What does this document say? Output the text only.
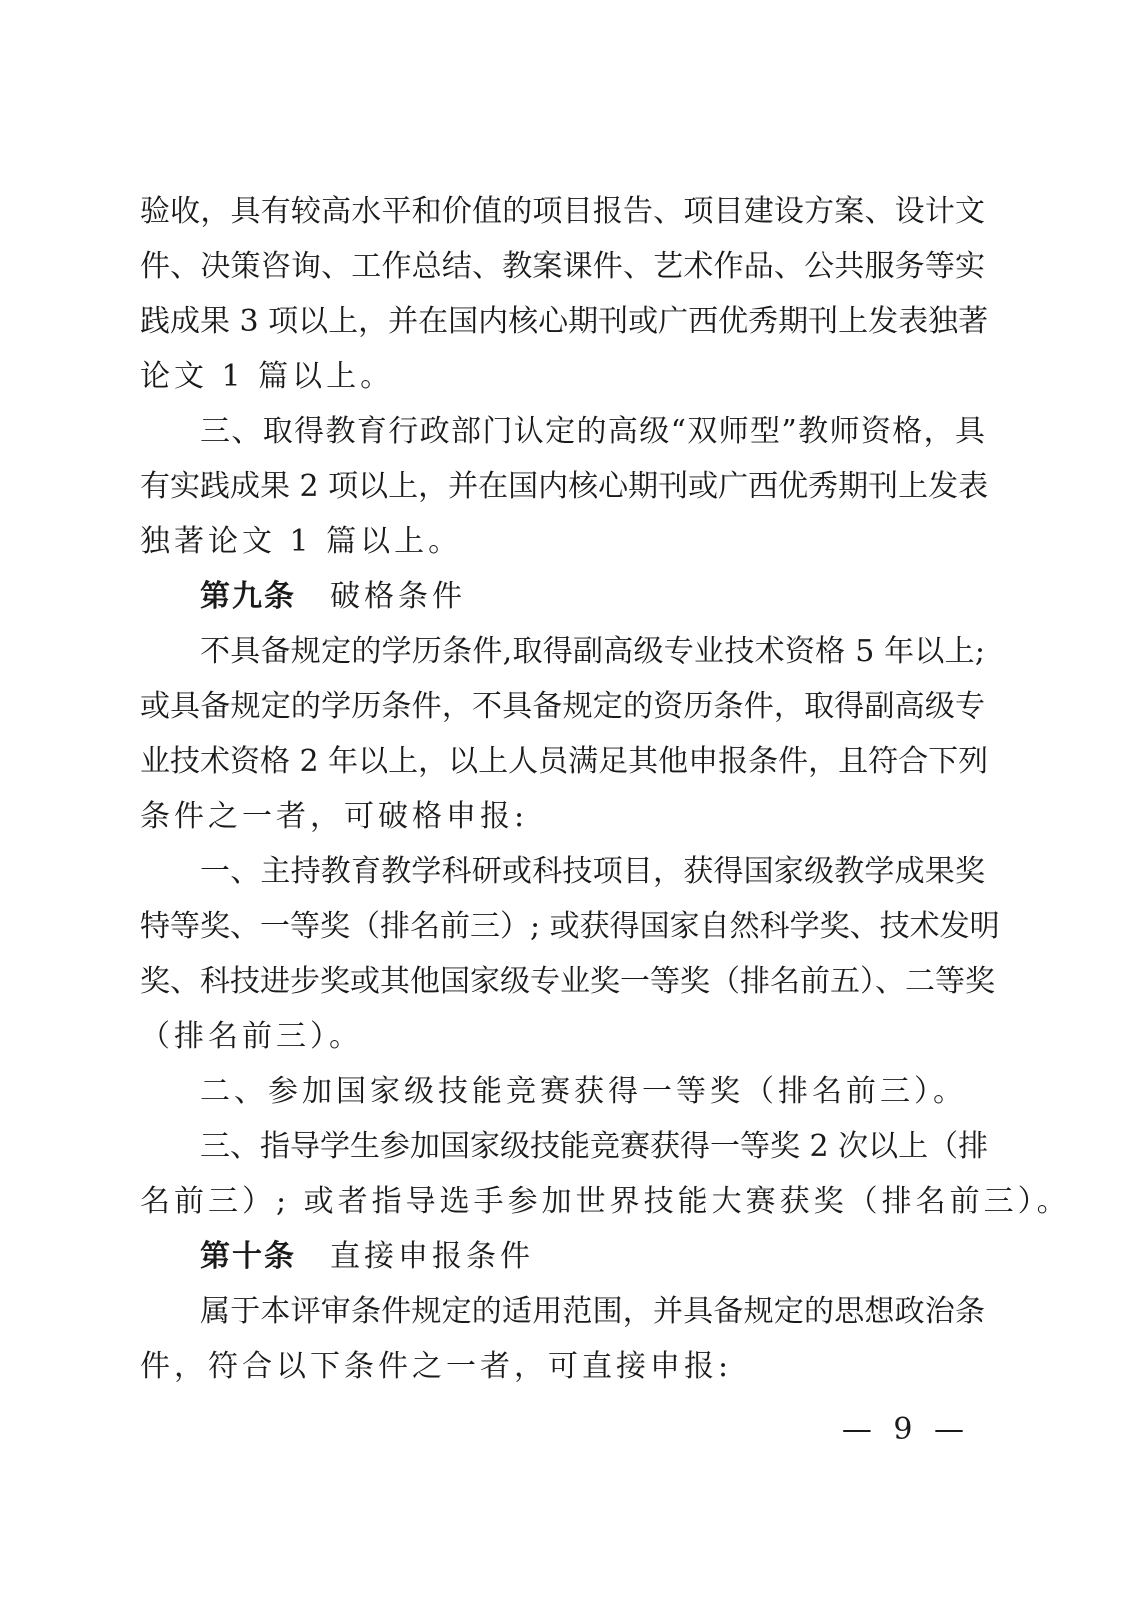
验收，具有较高水平和价值的项目报告、项目建设方案、设计文
件、决策咨询、工作总结、教案课件、艺术作品、公共服务等实
践成果 3 项以上，并在国内核心期刊或广西优秀期刊上发表独著
论文 1 篇以上。
三、取得教育行政部门认定的高级“双师型”教师资格，具
有实践成果 2 项以上，并在国内核心期刊或广西优秀期刊上发表
独著论文 1 篇以上。
第九条 破格条件
不具备规定的学历条件,取得副高级专业技术资格 5 年以上;
或具备规定的学历条件，不具备规定的资历条件，取得副高级专
业技术资格 2 年以上，以上人员满足其他申报条件，且符合下列
条件之一者，可破格申报:
一、主持教育教学科研或科技项目，获得国家级教学成果奖
特等奖、一等奖（排名前三）; 或获得国家自然科学奖、技术发明
奖、科技进步奖或其他国家级专业奖一等奖（排名前五）、二等奖
（排名前三）。
二、参加国家级技能竞赛获得一等奖（排名前三）。
三、指导学生参加国家级技能竞赛获得一等奖 2 次以上（排
名前三）; 或者指导选手参加世界技能大赛获奖（排名前三）。
第十条 直接申报条件
属于本评审条件规定的适用范围，并具备规定的思想政治条
件，符合以下条件之一者，可直接申报:
— 9 —
